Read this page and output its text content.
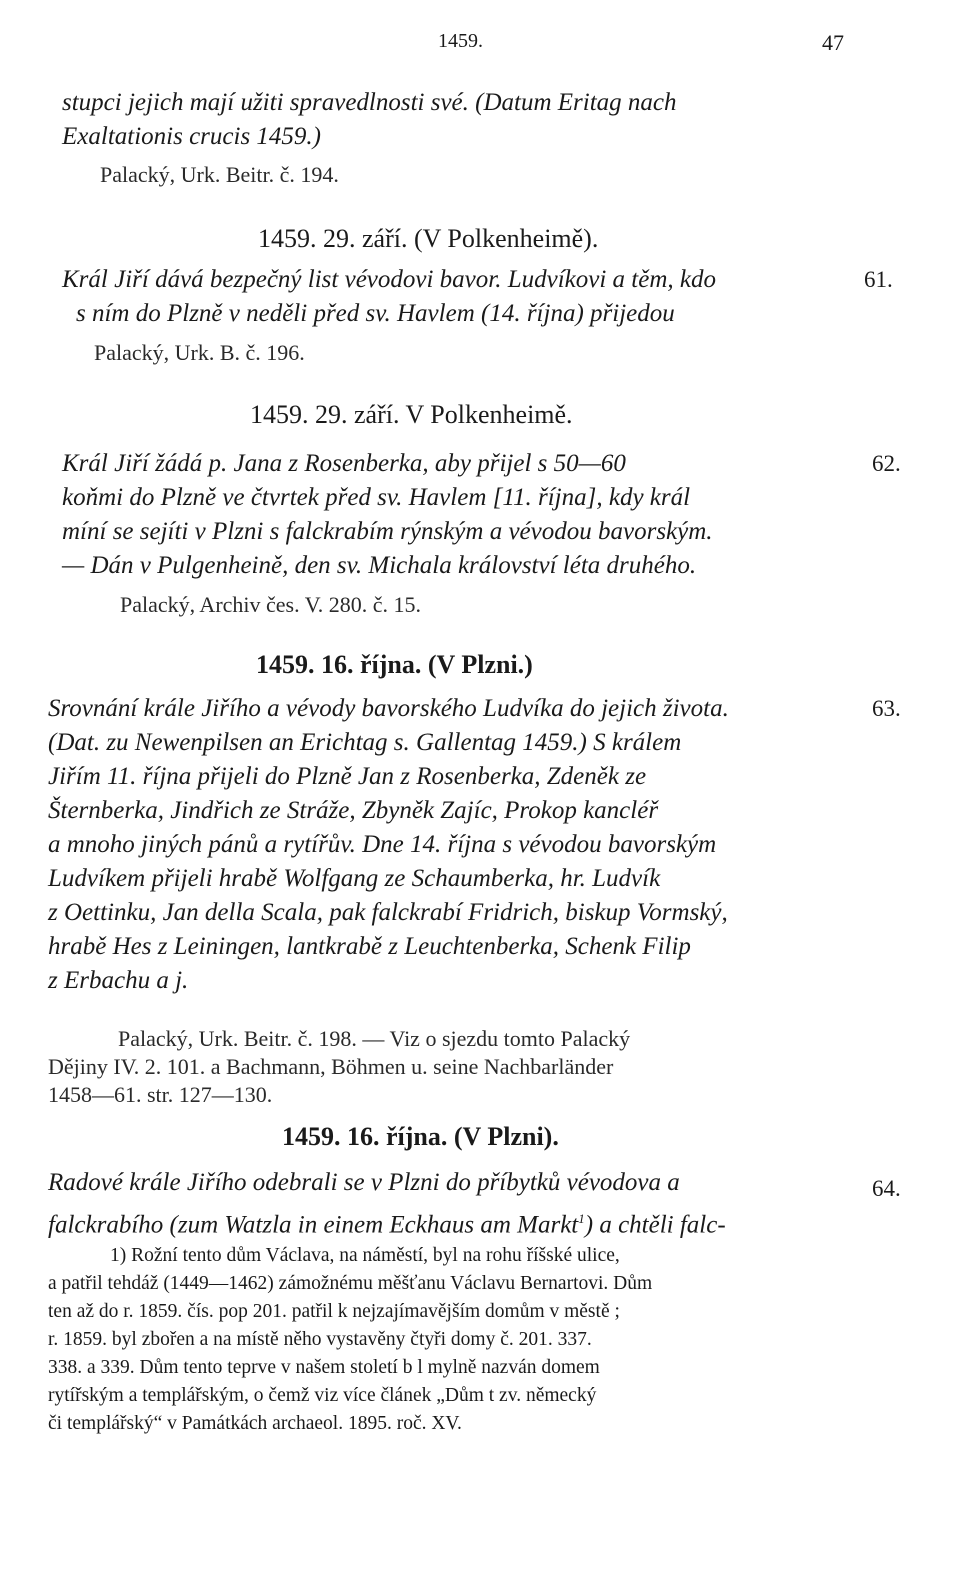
1459.	47
stupci jejich mají užiti spravedlnosti své. (Datum Eritag nach
Exaltationis crucis 1459.)
Palacký, Urk. Beitr. č. 194.
1459. 29. září. (V Polkenheimě).
Král Jiří dává bezpečný list vévodovi bavor. Ludvíkovi a těm, kdo	61.
s ním do Plzně v neděli před sv. Havlem (14. října) přijedou
Palacký, Urk. B. č. 196.
1459. 29. září. V Polkenheimě.
Král Jiří žádá p. Jana z Rosenberka, aby přijel s 50—60	62.
koňmi do Plzně ve čtvrtek před sv. Havlem [11. října], kdy král
míní se sejíti v Plzni s falckrabím rýnským a vévodou bavorským.
— Dán v Pulgenheině, den sv. Michala království léta druhého.
Palacký, Archiv čes. V. 280. č. 15.
1459. 16. října. (V Plzni.)
Srovnání krále Jiřího a vévody bavorského Ludvíka do jejich života.	63.
(Dat. zu Newenpilsen an Erichtag s. Gallentag 1459.) S králem
Jiřím 11. října přijeli do Plzně Jan z Rosenberka, Zdeněk ze
Šternberka, Jindřich ze Stráže, Zbyněk Zajíc, Prokop kancléř
a mnoho jiných pánů a rytířův. Dne 14. října s vévodou bavorským
Ludvíkem přijeli hrabě Wolfgang ze Schaumberka, hr. Ludvík
z Oettinku, Jan della Scala, pak falckrabí Fridrich, biskup Vormský,
hrabě Hes z Leiningen, lantkrabě z Leuchtenberka, Schenk Filip
z Erbachu a j.
Palacký, Urk. Beitr. č. 198. — Viz o sjezdu tomto Palacký
Dějiny IV. 2. 101. a Bachmann, Böhmen u. seine Nachbarländer
1458—61. str. 127—130.
1459. 16. října. (V Plzni).
Radové krále Jiřího odebrali se v Plzni do příbytků vévodova a	64.
falckrabího (zum Watzla in einem Eckhaus am Markt$^1$) a chtěli falc-
1) Rožní tento dům Václava, na náměstí, byl na rohu říšské ulice,
a patřil tehdáž (1449—1462) zámožnému měšťanu Václavu Bernartovi. Dům
ten až do r. 1859. čís. pop 201. patřil k nejzajímavějším domům v městě ;
r. 1859. byl zbořen a na místě něho vystavěny čtyři domy č. 201. 337.
338. a 339. Dům tento teprve v našem století b l mylně nazván domem
rytířským a templářským, o čemž viz více článek „Dům t zv. německý
či templářský“ v Památkách archaeol. 1895. roč. XV.
